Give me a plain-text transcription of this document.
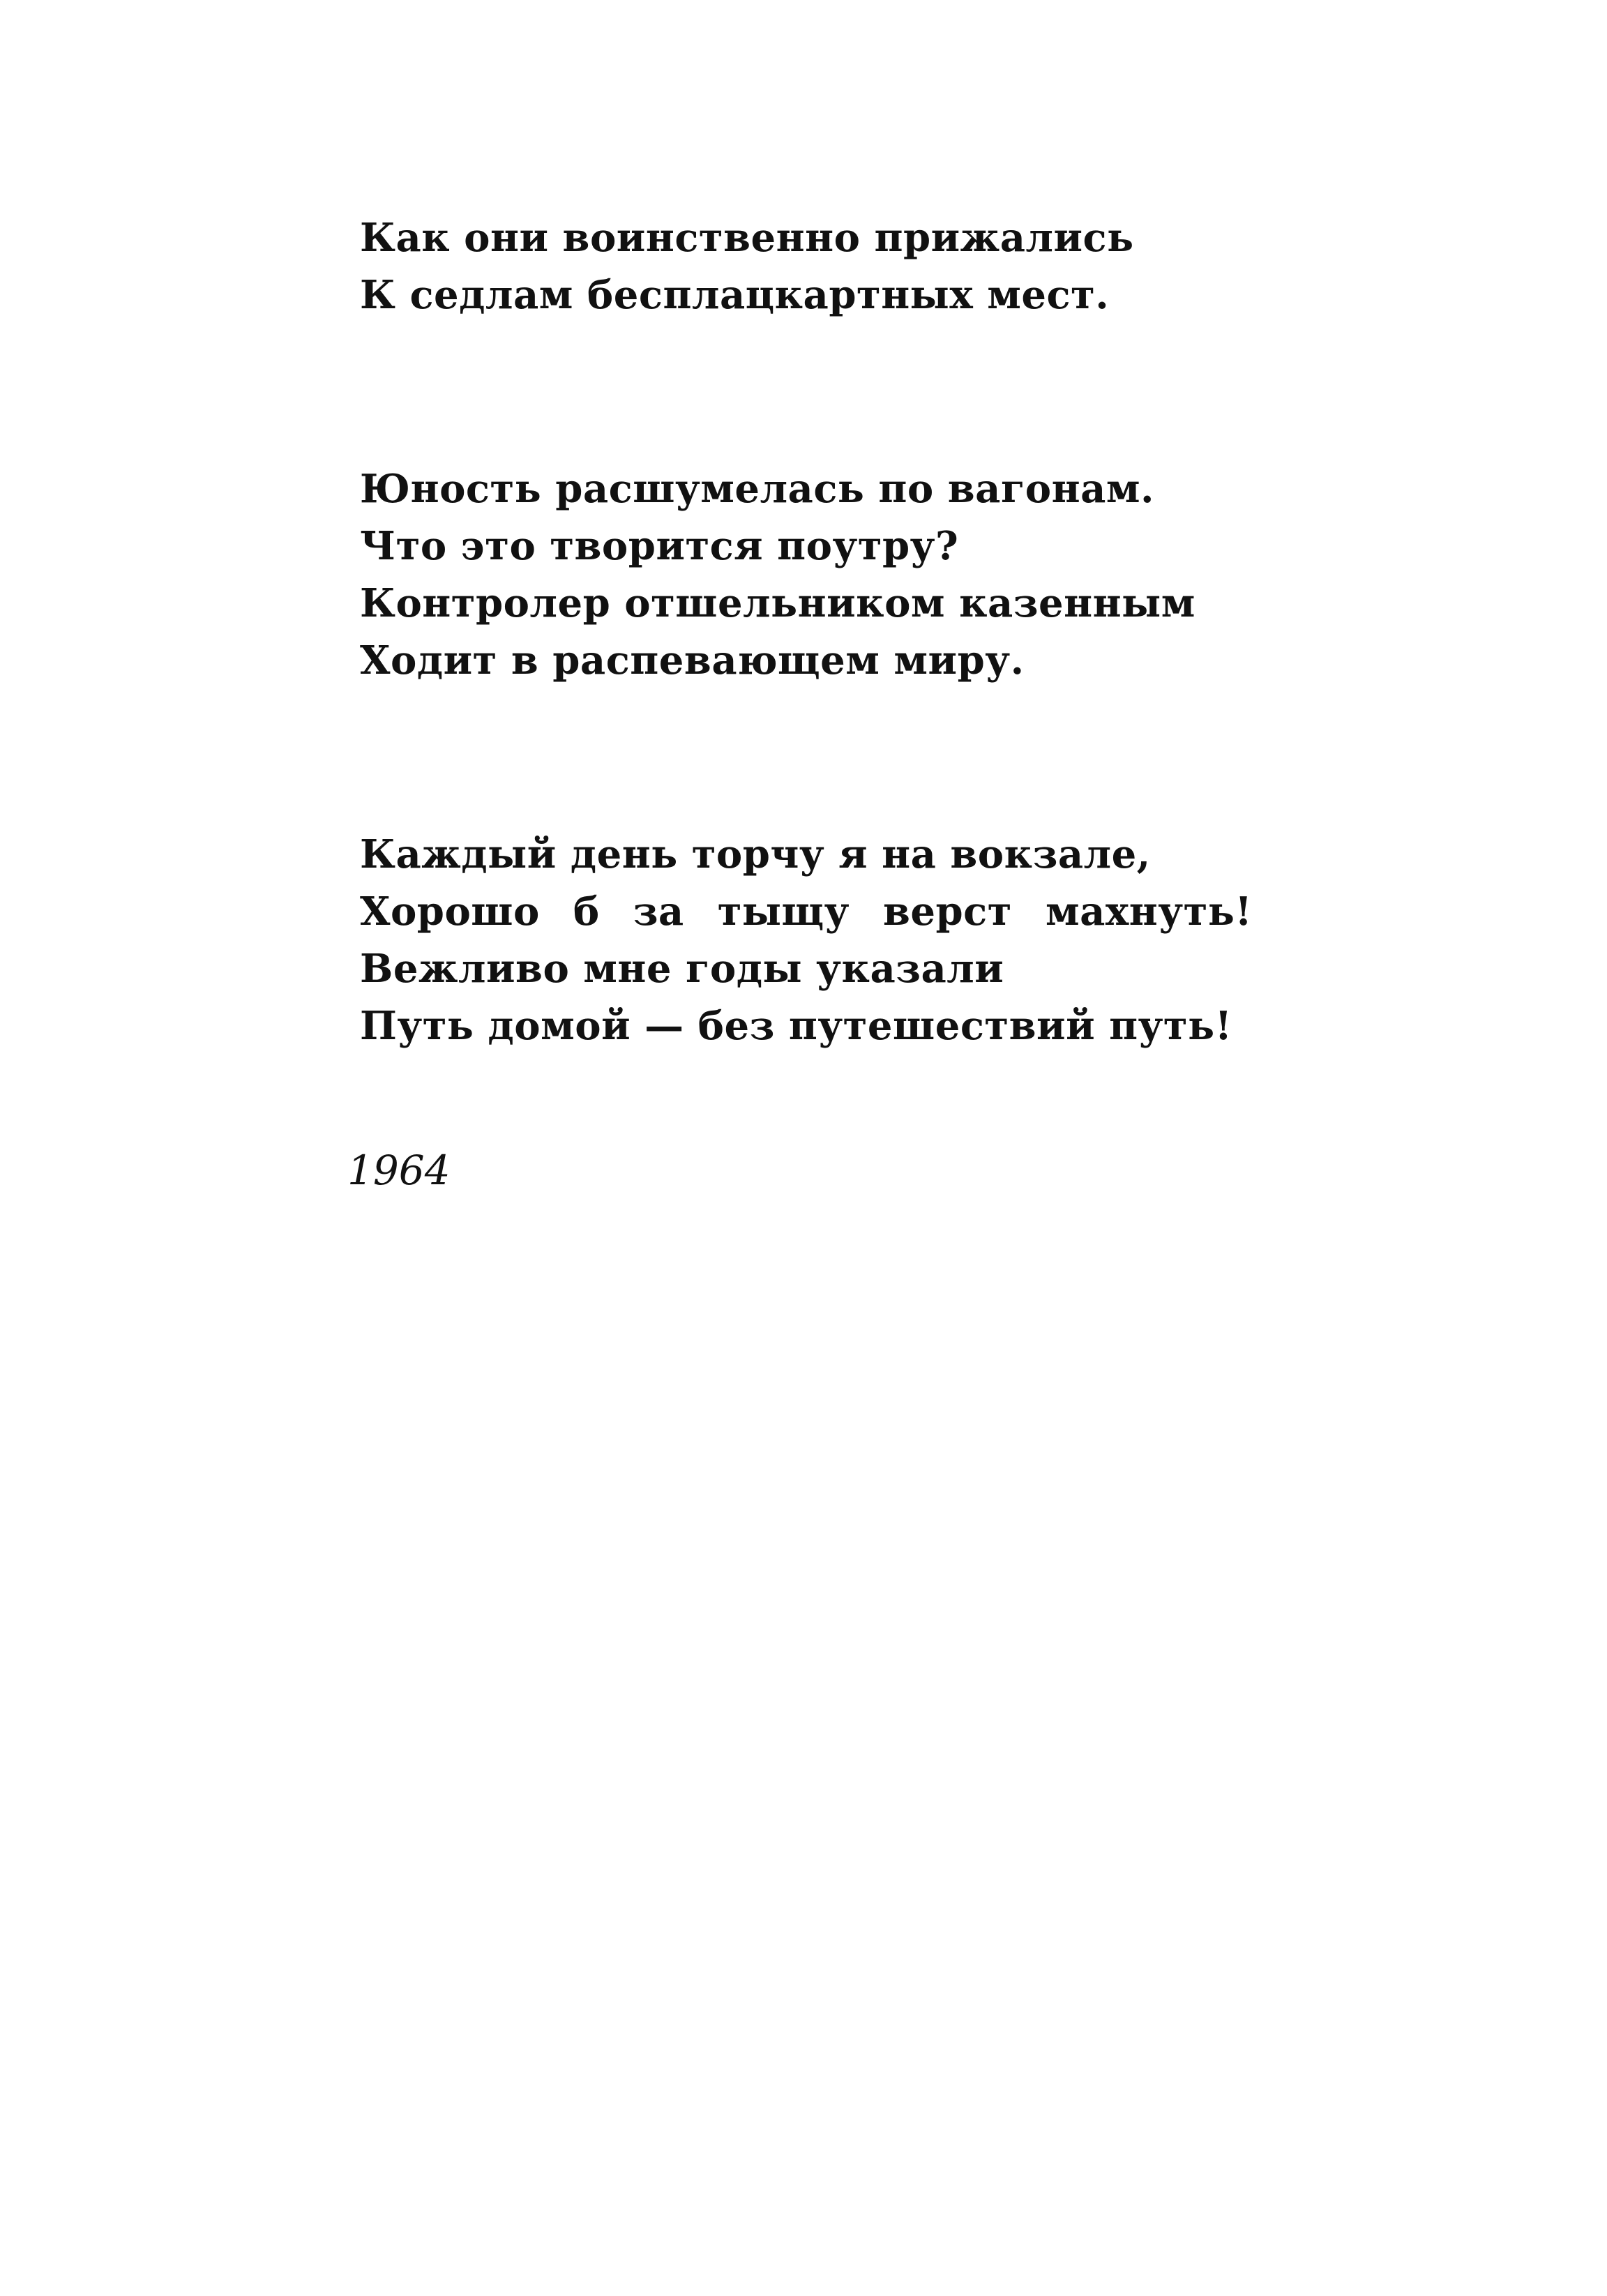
Как они воинственно прижались
К седлам бесплацкартных мест.
Юность расшумелась по вагонам.
Что это творится поутру?
Контролер отшельником казенным
Ходит в распевающем миру.
Каждый день торчу я на вокзале,
Хорошо б за тыщу верст махнуть!
Вежливо мне годы указали
Путь домой — без путешествий путь!
1964
